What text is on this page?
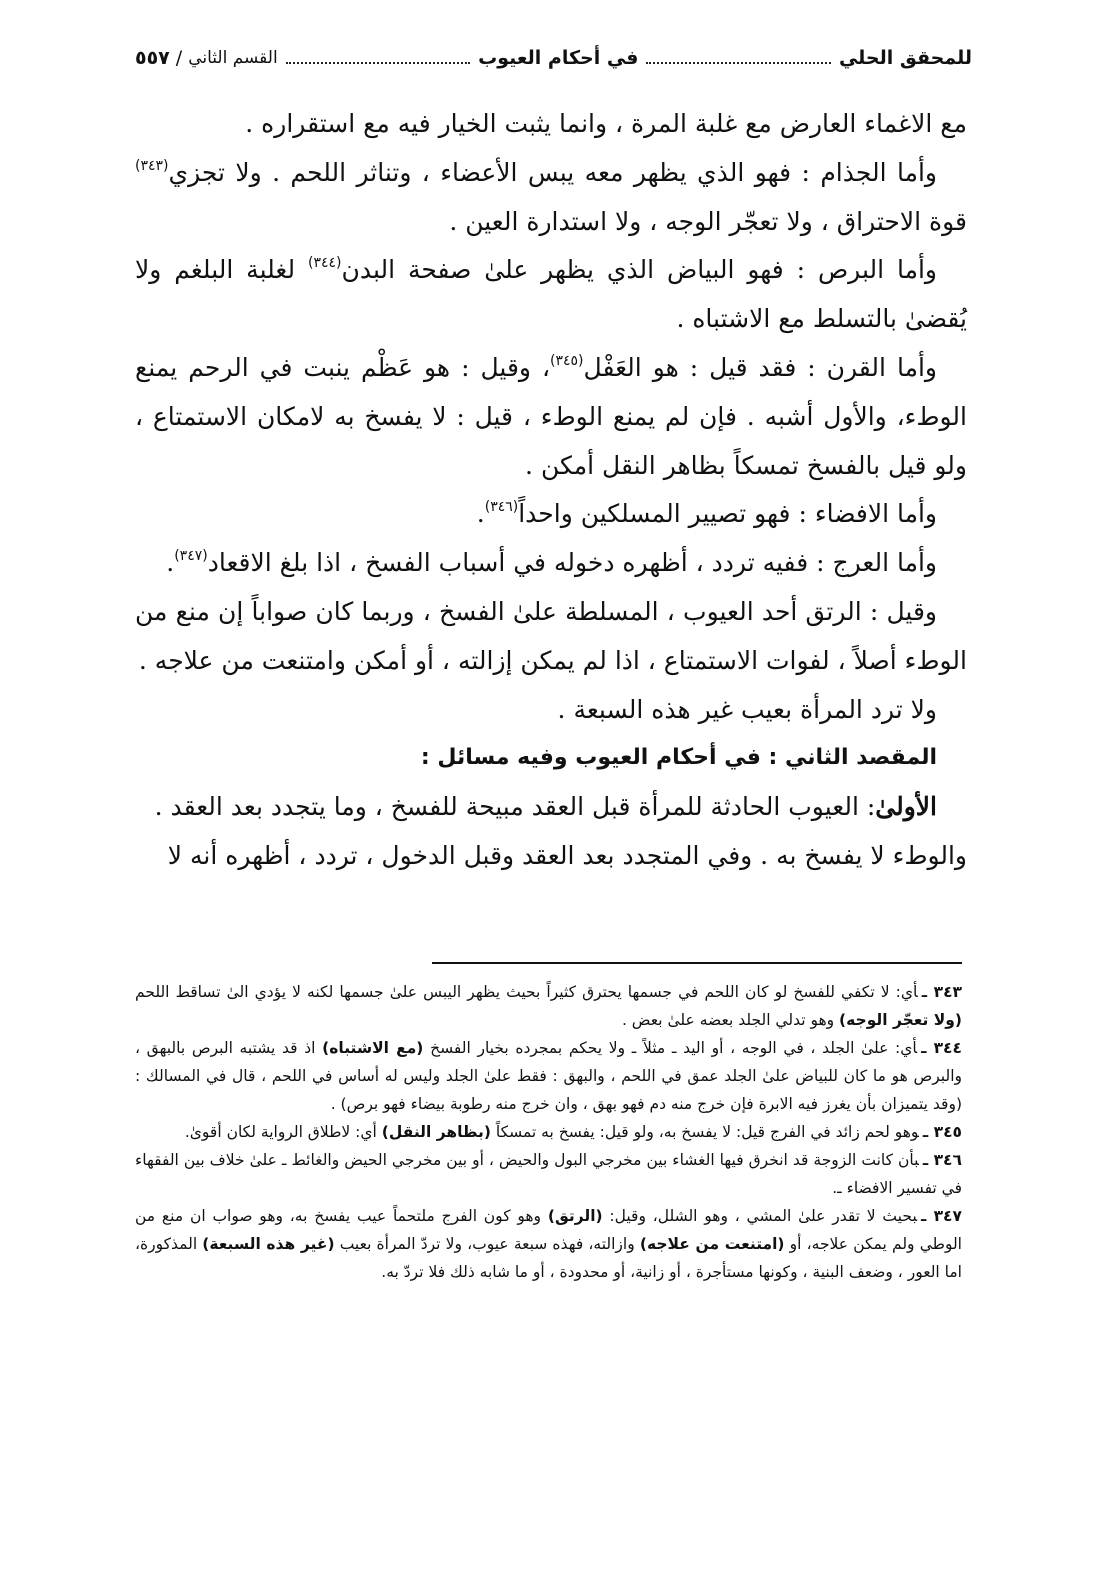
للمحقق الحلي
في أحكام العيوب
القسم الثاني
/
٥٥٧

مع الاغماء العارض مع غلبة المرة ، وانما يثبت الخيار فيه مع استقراره .

وأما الجذام : فهو الذي يظهر معه يبس الأعضاء ، وتناثر اللحم . ولا تجزي$^{(٣٤٣)}$ قوة الاحتراق ، ولا تعجّر الوجه ، ولا استدارة العين .

وأما البرص : فهو البياض الذي يظهر علىٰ صفحة البدن$^{(٣٤٤)}$ لغلبة البلغم ولا يُقضىٰ بالتسلط مع الاشتباه .

وأما القرن : فقد قيل : هو العَفْل$^{(٣٤٥)}$، وقيل : هو عَظْم ينبت في الرحم يمنع الوطء، والأول أشبه . فإن لم يمنع الوطء ، قيل : لا يفسخ به لامكان الاستمتاع ، ولو قيل بالفسخ تمسكاً بظاهر النقل أمكن .

وأما الافضاء : فهو تصيير المسلكين واحداً$^{(٣٤٦)}$.

وأما العرج : ففيه تردد ، أظهره دخوله في أسباب الفسخ ، اذا بلغ الاقعاد$^{(٣٤٧)}$.

وقيل : الرتق أحد العيوب ، المسلطة علىٰ الفسخ ، وربما كان صواباً إن منع من الوطء أصلاً ، لفوات الاستمتاع ، اذا لم يمكن إزالته ، أو أمكن وامتنعت من علاجه .

ولا ترد المرأة بعيب غير هذه السبعة .

المقصد الثاني : في أحكام العيوب وفيه مسائل :

الأولىٰ: العيوب الحادثة للمرأة قبل العقد مبيحة للفسخ ، وما يتجدد بعد العقد .

والوطء لا يفسخ به . وفي المتجدد بعد العقد وقبل الدخول ، تردد ، أظهره أنه لا

٣٤٣ ـأي: لا تكفي للفسخ لو كان اللحم في جسمها يحترق كثيراً بحيث يظهر اليبس علىٰ جسمها لكنه لا يؤدي الىٰ تساقط اللحم (ولا تعجّر الوجه) وهو تدلي الجلد بعضه علىٰ بعض .

٣٤٤ ـأي: علىٰ الجلد ، في الوجه ، أو اليد ـ مثلاً ـ ولا يحكم بمجرده بخيار الفسخ (مع الاشتباه) اذ قد يشتبه البرص بالبهق ، والبرص هو ما كان للبياض علىٰ الجلد عمق في اللحم ، والبهق : فقط علىٰ الجلد وليس له أساس في اللحم ، قال في المسالك : (وقد يتميزان بأن يغرز فيه الابرة فإن خرج منه دم فهو بهق ، وان خرج منه رطوبة بيضاء فهو برص) .

٣٤٥ ـوهو لحم زائد في الفرج قيل: لا يفسخ به، ولو قيل: يفسخ به تمسكاً (بظاهر النقل) أي: لاطلاق الرواية لكان أقوىٰ.

٣٤٦ ـبأن كانت الزوجة قد انخرق فيها الغشاء بين مخرجي البول والحيض ، أو بين مخرجي الحيض والغائط ـ علىٰ خلاف بين الفقهاء في تفسير الافضاء ـ.

٣٤٧ ـبحيث لا تقدر علىٰ المشي ، وهو الشلل، وقيل: (الرتق) وهو كون الفرج ملتحماً عيب يفسخ به، وهو صواب ان منع من الوطي ولم يمكن علاجه، أو (امتنعت من علاجه) وازالته، فهذه سبعة عيوب، ولا تردّ المرأة بعيب (غير هذه السبعة) المذكورة، اما العور ، وضعف البنية ، وكونها مستأجرة ، أو زانية، أو محدودة ، أو ما شابه ذلك فلا تردّ به.
